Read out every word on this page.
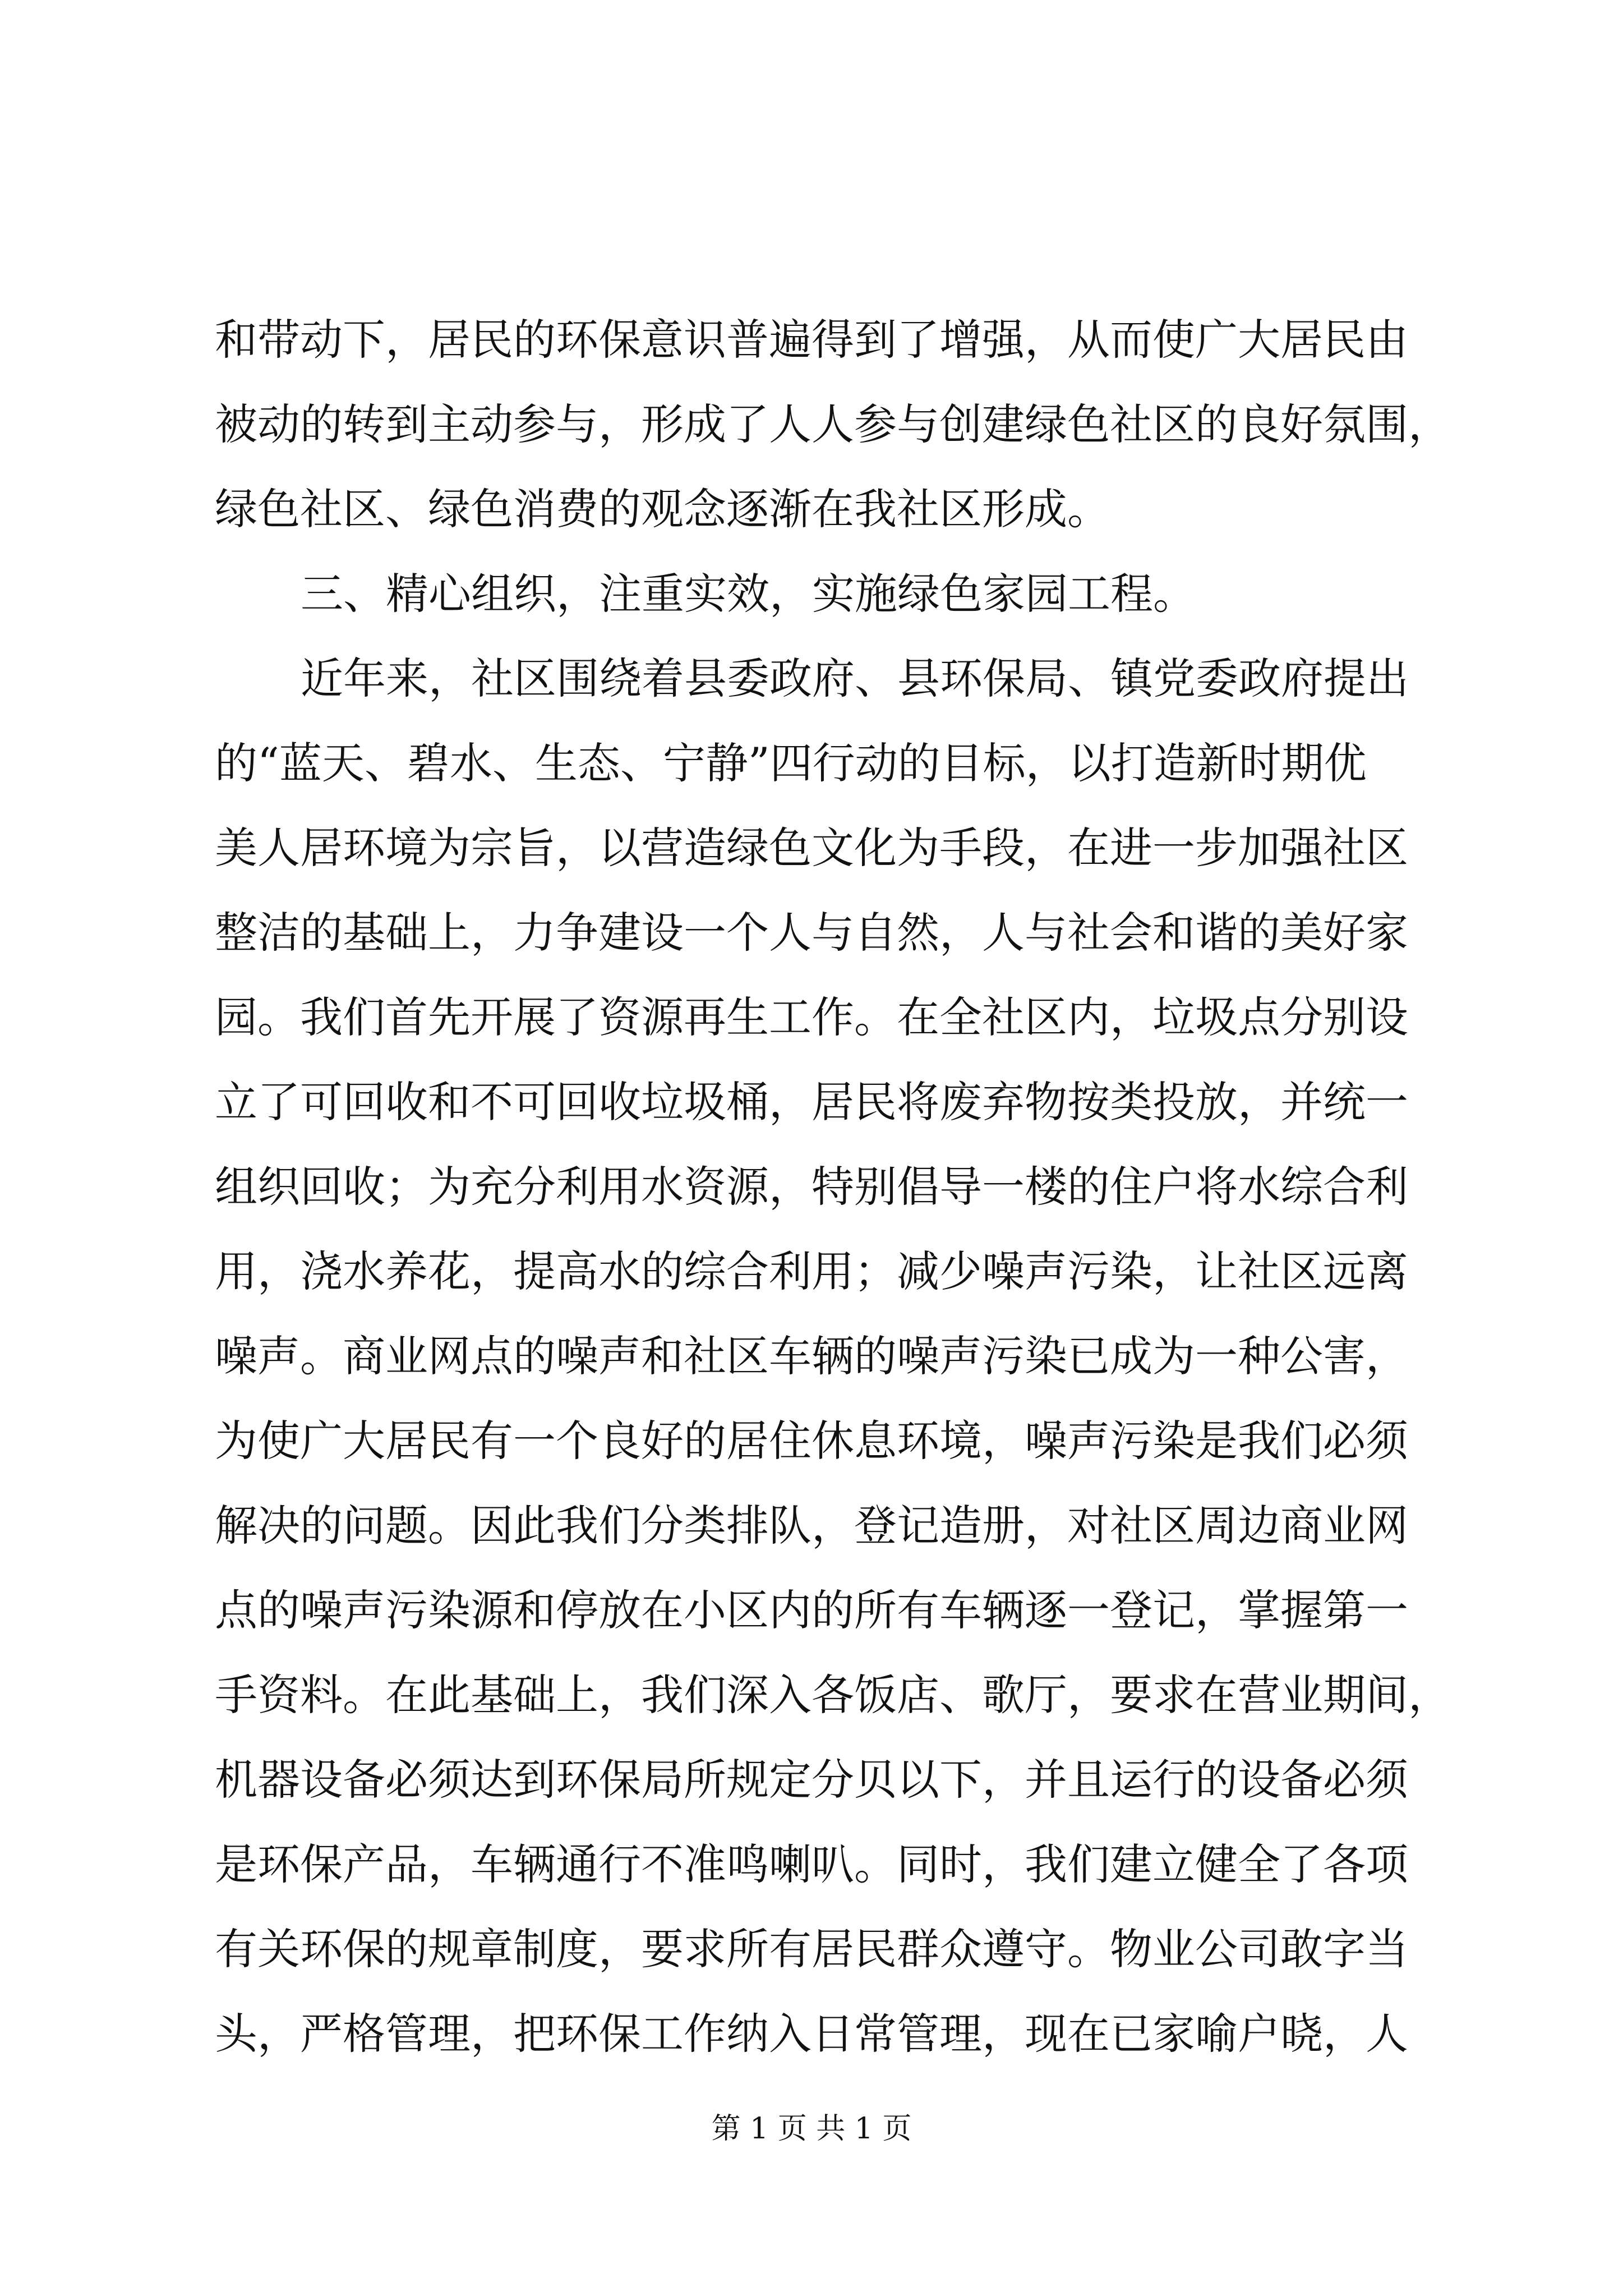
和带动下，居民的环保意识普遍得到了增强，从而使广大居民由
被动的转到主动参与，形成了人人参与创建绿色社区的良好氛围，
绿色社区、绿色消费的观念逐渐在我社区形成。
三、精心组织，注重实效，实施绿色家园工程。
近年来，社区围绕着县委政府、县环保局、镇党委政府提出
的“蓝天、碧水、生态、宁静”四行动的目标，以打造新时期优
美人居环境为宗旨，以营造绿色文化为手段，在进一步加强社区
整洁的基础上，力争建设一个人与自然，人与社会和谐的美好家
园。我们首先开展了资源再生工作。在全社区内，垃圾点分别设
立了可回收和不可回收垃圾桶，居民将废弃物按类投放，并统一
组织回收；为充分利用水资源，特别倡导一楼的住户将水综合利
用，浇水养花，提高水的综合利用；减少噪声污染，让社区远离
噪声。商业网点的噪声和社区车辆的噪声污染已成为一种公害，
为使广大居民有一个良好的居住休息环境，噪声污染是我们必须
解决的问题。因此我们分类排队，登记造册，对社区周边商业网
点的噪声污染源和停放在小区内的所有车辆逐一登记，掌握第一
手资料。在此基础上，我们深入各饭店、歌厅，要求在营业期间，
机器设备必须达到环保局所规定分贝以下，并且运行的设备必须
是环保产品，车辆通行不准鸣喇叭。同时，我们建立健全了各项
有关环保的规章制度，要求所有居民群众遵守。物业公司敢字当
头，严格管理，把环保工作纳入日常管理，现在已家喻户晓，人
第 1 页 共 1 页
